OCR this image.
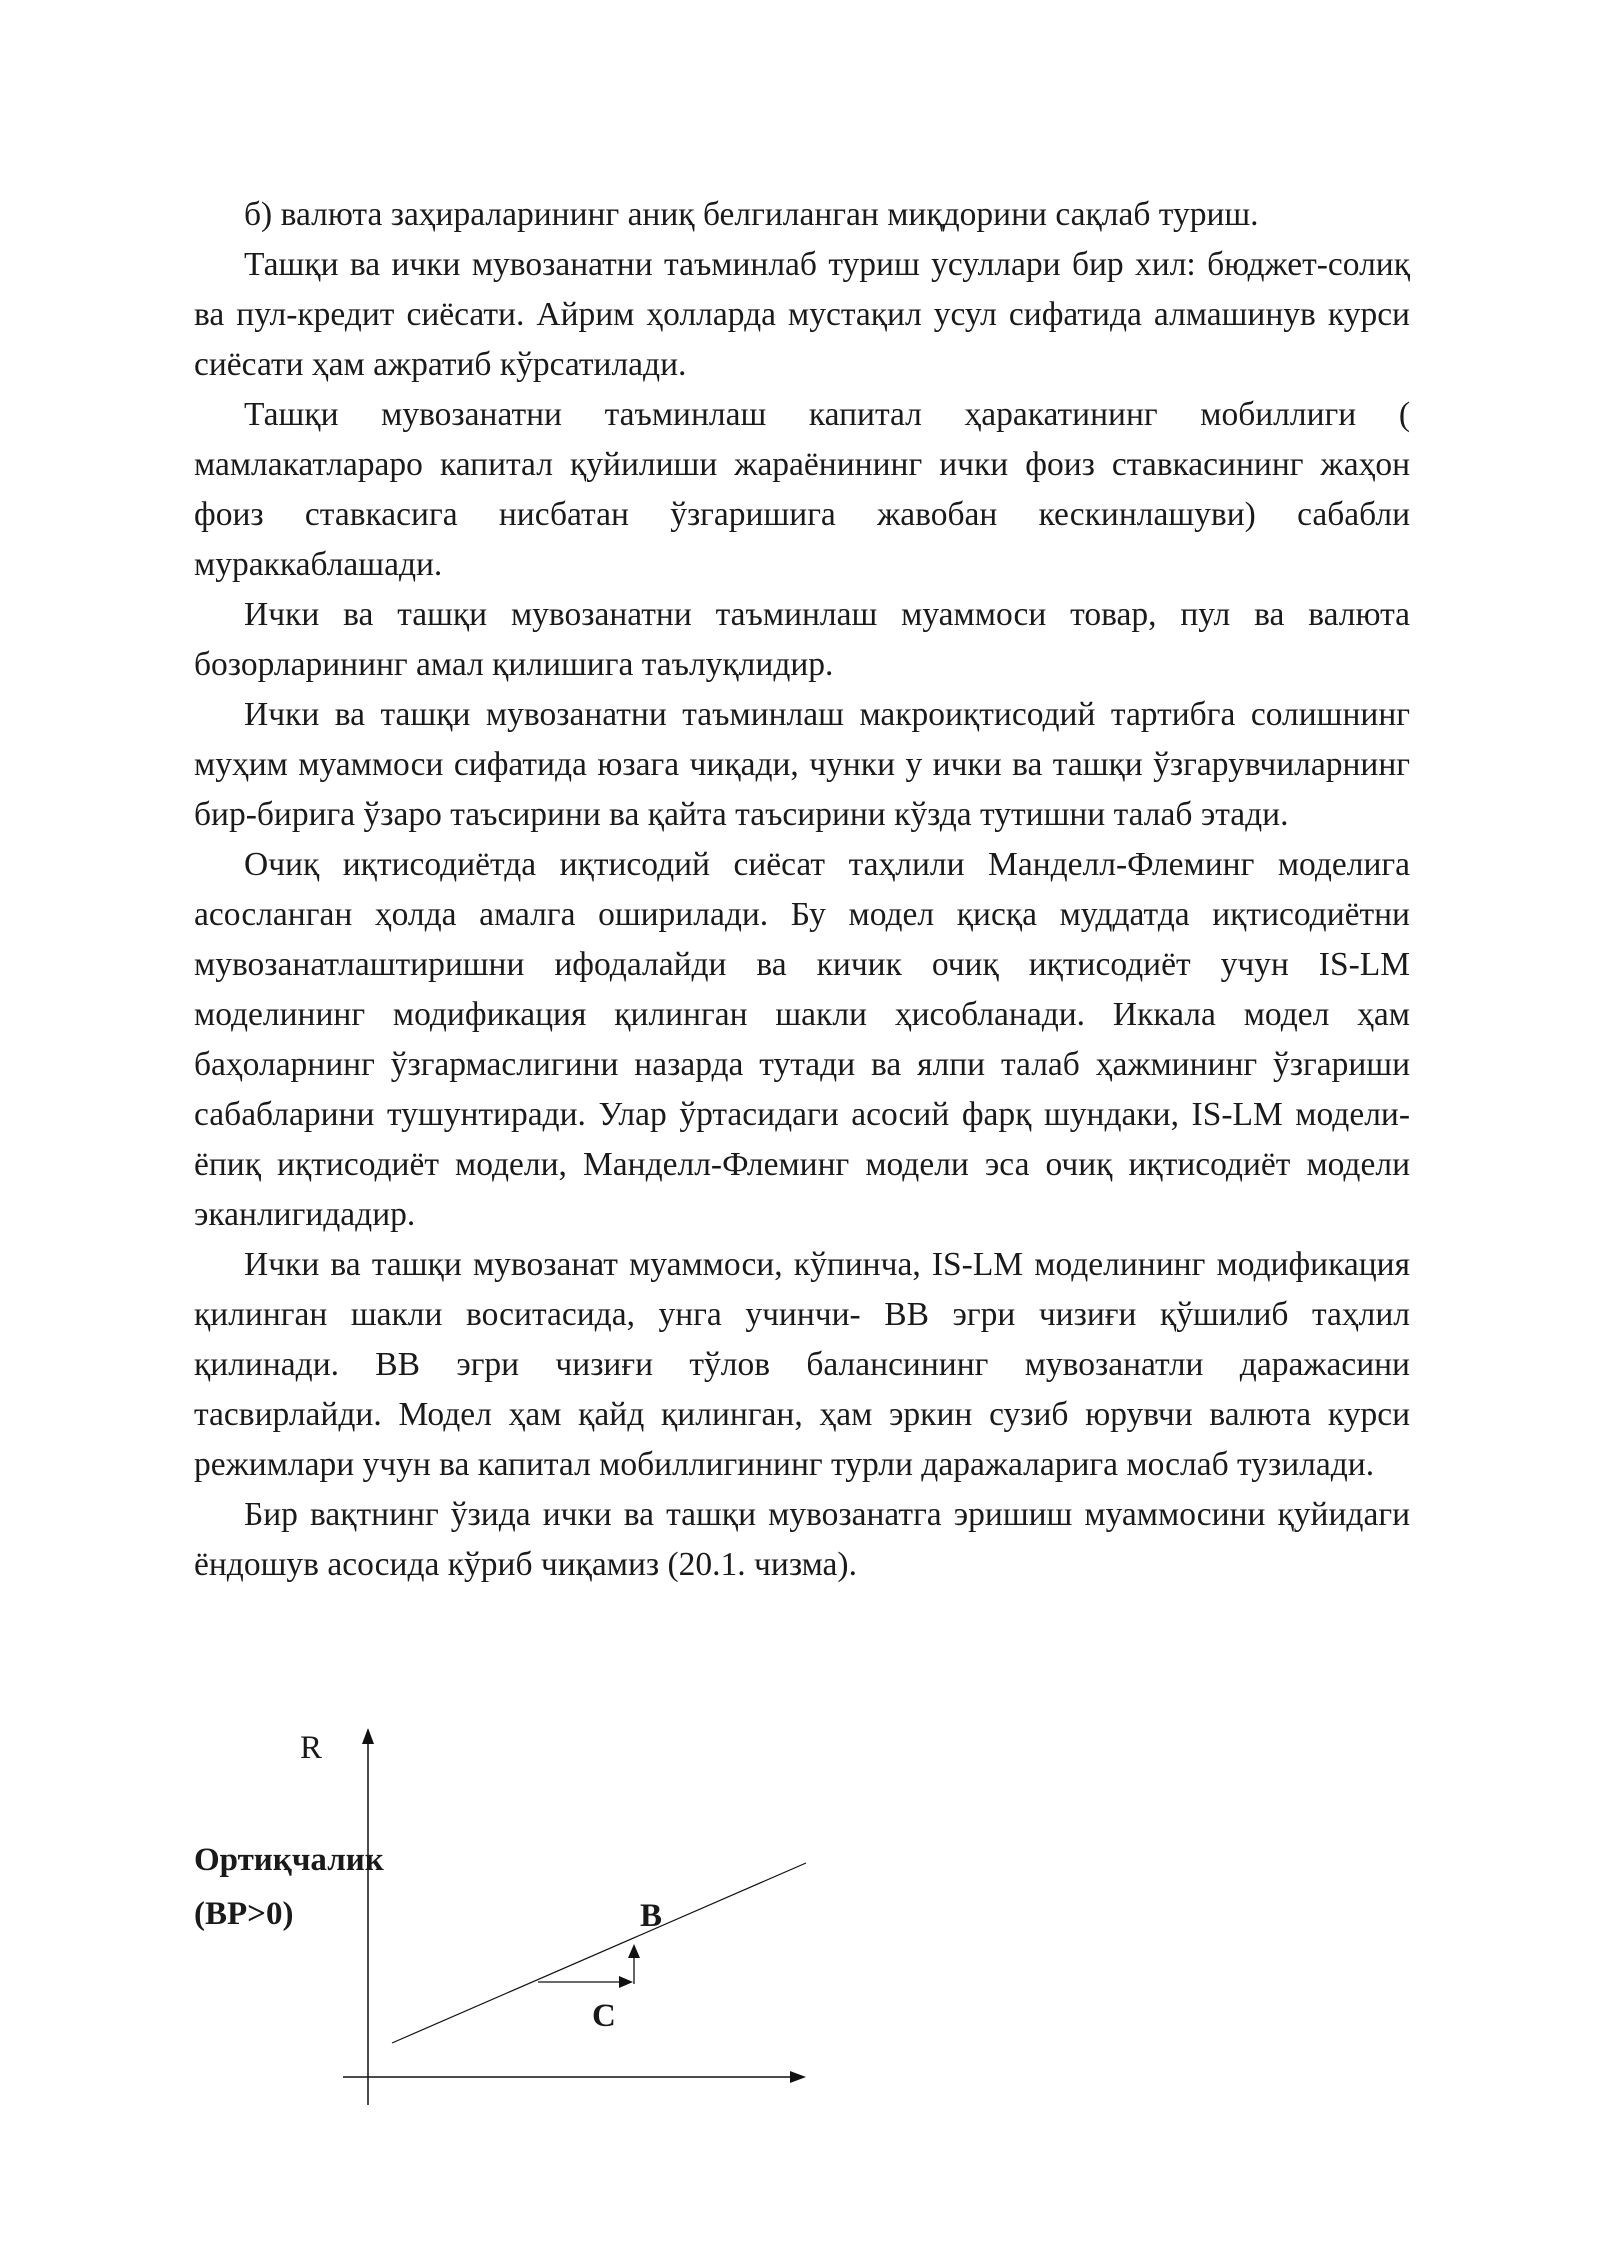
б) валюта заҳираларининг аниқ белгиланган миқдорини сақлаб туриш.

Ташқи ва ички мувозанатни таъминлаб туриш усуллари бир хил: бюджет-солиқ ва пул-кредит сиёсати. Айрим ҳолларда мустақил усул сифатида алмашинув курси сиёсати ҳам ажратиб кўрсатилади.

Ташқи мувозанатни таъминлаш капитал ҳаракатининг мобиллиги ( мамлакатлараро капитал қуйилиши жараёнининг ички фоиз ставкасининг жаҳон фоиз ставкасига нисбатан ўзгаришига жавобан кескинлашуви) сабабли мураккаблашади.

Ички ва ташқи мувозанатни таъминлаш муаммоси товар, пул ва валюта бозорларининг амал қилишига таълуқлидир.

Ички ва ташқи мувозанатни таъминлаш макроиқтисодий тартибга солишнинг муҳим муаммоси сифатида юзага чиқади, чунки у ички ва ташқи ўзгарувчиларнинг бир-бирига ўзаро таъсирини ва қайта таъсирини кўзда тутишни талаб этади.

Очиқ иқтисодиётда иқтисодий сиёсат таҳлили Манделл-Флеминг моделига асосланган ҳолда амалга оширилади. Бу модел қисқа муддатда иқтисодиётни мувозанатлаштиришни ифодалайди ва кичик очиқ иқтисодиёт учун IS-LM моделининг модификация қилинган шакли ҳисобланади. Иккала модел ҳам баҳоларнинг ўзгармаслигини назарда тутади ва ялпи талаб ҳажмининг ўзгариши сабабларини тушунтиради. Улар ўртасидаги асосий фарқ шундаки, IS-LM модели-ёпиқ иқтисодиёт модели, Манделл-Флеминг модели эса очиқ иқтисодиёт модели эканлигидадир.

Ички ва ташқи мувозанат муаммоси, кўпинча, IS-LM моделининг модификация қилинган шакли воситасида, унга учинчи- BB эгри чизиғи қўшилиб таҳлил қилинади. BB эгри чизиғи тўлов балансининг мувозанатли даражасини тасвирлайди. Модел ҳам қайд қилинган, ҳам эркин сузиб юрувчи валюта курси режимлари учун ва капитал мобиллигининг турли даражаларига мослаб тузилади.

Бир вақтнинг ўзида ички ва ташқи мувозанатга эришиш муаммосини қуйидаги ёндошув асосида кўриб чиқамиз (20.1. чизма).

R
Ортиқчалик
(BP>0)	B
C
